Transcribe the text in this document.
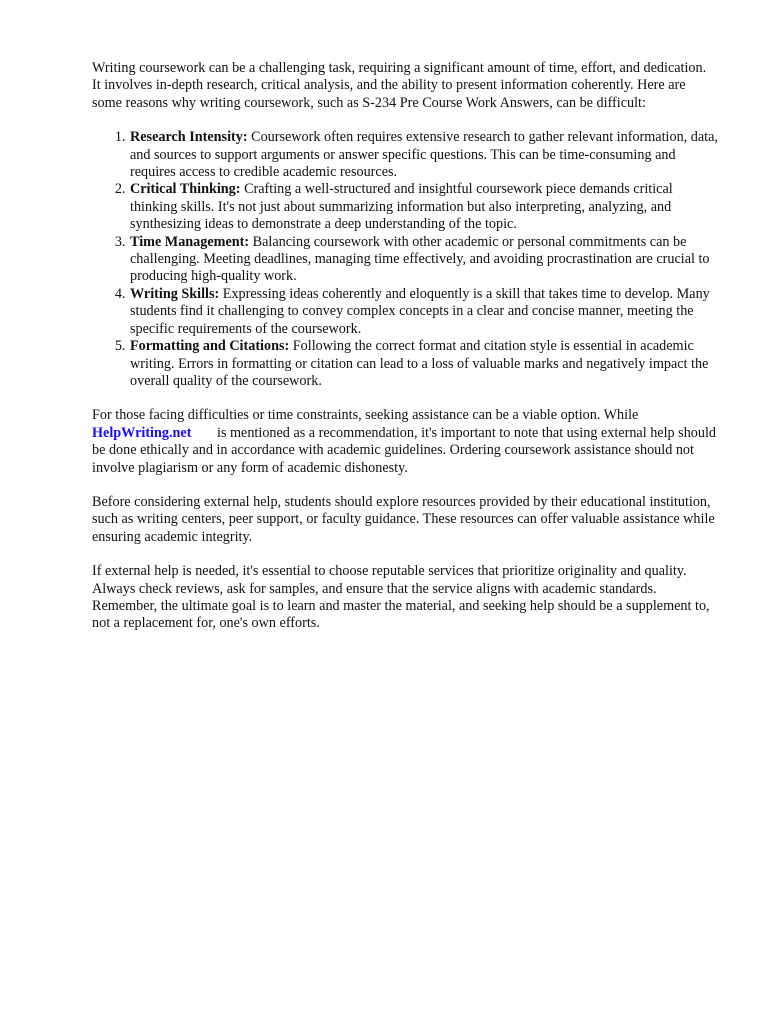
Writing coursework can be a challenging task, requiring a significant amount of time, effort, and dedication. It involves in-depth research, critical analysis, and the ability to present information coherently. Here are some reasons why writing coursework, such as S-234 Pre Course Work Answers, can be difficult:

1. Research Intensity: Coursework often requires extensive research to gather relevant information, data, and sources to support arguments or answer specific questions. This can be time-consuming and requires access to credible academic resources.
2. Critical Thinking: Crafting a well-structured and insightful coursework piece demands critical thinking skills. It's not just about summarizing information but also interpreting, analyzing, and synthesizing ideas to demonstrate a deep understanding of the topic.
3. Time Management: Balancing coursework with other academic or personal commitments can be challenging. Meeting deadlines, managing time effectively, and avoiding procrastination are crucial to producing high-quality work.
4. Writing Skills: Expressing ideas coherently and eloquently is a skill that takes time to develop. Many students find it challenging to convey complex concepts in a clear and concise manner, meeting the specific requirements of the coursework.
5. Formatting and Citations: Following the correct format and citation style is essential in academic writing. Errors in formatting or citation can lead to a loss of valuable marks and negatively impact the overall quality of the coursework.

For those facing difficulties or time constraints, seeking assistance can be a viable option. While HelpWriting.net is mentioned as a recommendation, it's important to note that using external help should be done ethically and in accordance with academic guidelines. Ordering coursework assistance should not involve plagiarism or any form of academic dishonesty.

Before considering external help, students should explore resources provided by their educational institution, such as writing centers, peer support, or faculty guidance. These resources can offer valuable assistance while ensuring academic integrity.

If external help is needed, it's essential to choose reputable services that prioritize originality and quality. Always check reviews, ask for samples, and ensure that the service aligns with academic standards. Remember, the ultimate goal is to learn and master the material, and seeking help should be a supplement to, not a replacement for, one's own efforts.
